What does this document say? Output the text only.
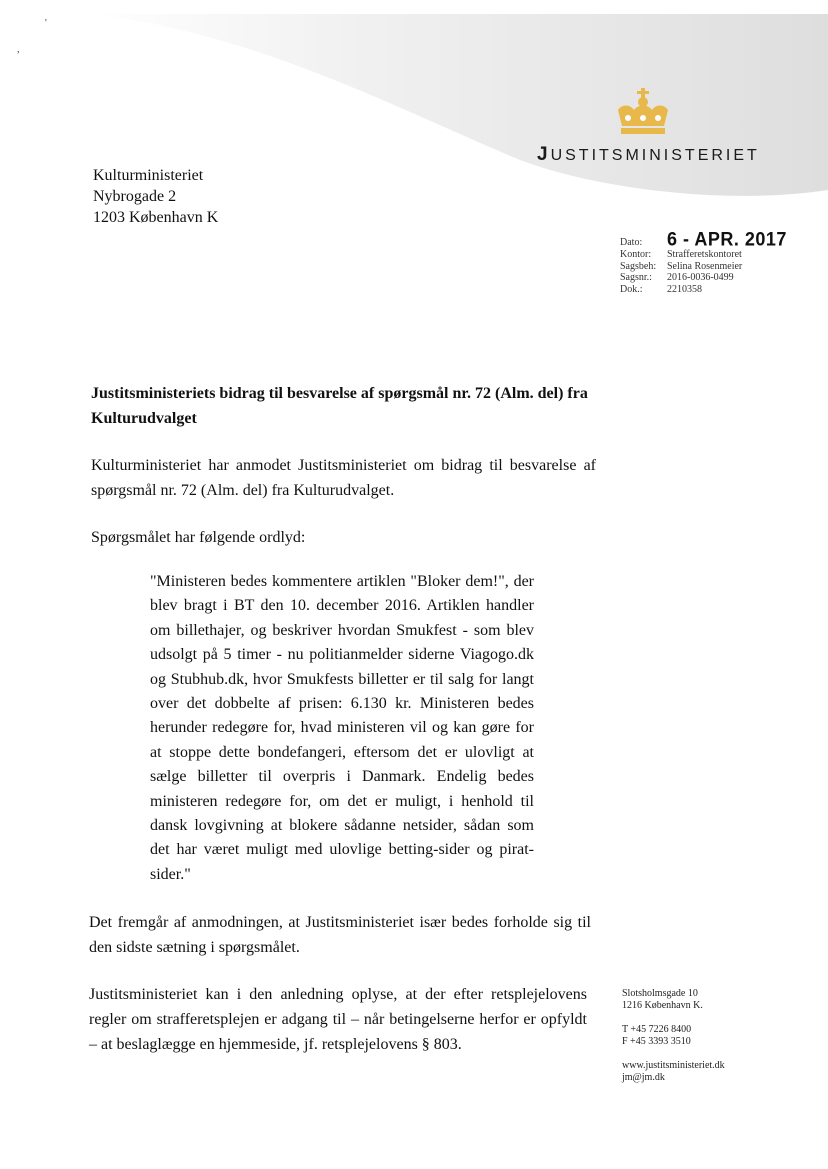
'
,
JUSTITSMINISTERIET
Kulturministeriet
Nybrogade 2
1203 København K
Dato:	6 - APR. 2017
Kontor:	Strafferetskontoret
Sagsbeh:	Selina Rosenmeier
Sagsnr.:	2016-0036-0499
Dok.:	2210358
Justitsministeriets bidrag til besvarelse af spørgsmål nr. 72 (Alm. del) fra Kulturudvalget

Kulturministeriet har anmodet Justitsministeriet om bidrag til besvarelse af spørgsmål nr. 72 (Alm. del) fra Kulturudvalget.

Spørgsmålet har følgende ordlyd:

"Ministeren bedes kommentere artiklen "Bloker dem!", der blev bragt i BT den 10. december 2016. Artiklen handler om billethajer, og beskriver hvordan Smukfest - som blev udsolgt på 5 timer - nu politianmelder siderne Viagogo.dk og Stubhub.dk, hvor Smukfests billetter er til salg for langt over det dobbelte af prisen: 6.130 kr. Ministeren bedes herunder redegøre for, hvad ministeren vil og kan gøre for at stoppe dette bondefangeri, eftersom det er ulovligt at sælge billetter til overpris i Danmark. Endelig bedes ministeren redegøre for, om det er muligt, i henhold til dansk lovgivning at blokere sådanne netsider, sådan som det har været muligt med ulovlige betting-sider og pirat-sider."

Det fremgår af anmodningen, at Justitsministeriet især bedes forholde sig til den sidste sætning i spørgsmålet.

Justitsministeriet kan i den anledning oplyse, at der efter retsplejelovens regler om strafferetsplejen er adgang til – når betingelserne herfor er opfyldt – at beslaglægge en hjemmeside, jf. retsplejelovens § 803.

Slotsholmsgade 10
1216 København K.
T +45 7226 8400
F +45 3393 3510
www.justitsministeriet.dk
jm@jm.dk
